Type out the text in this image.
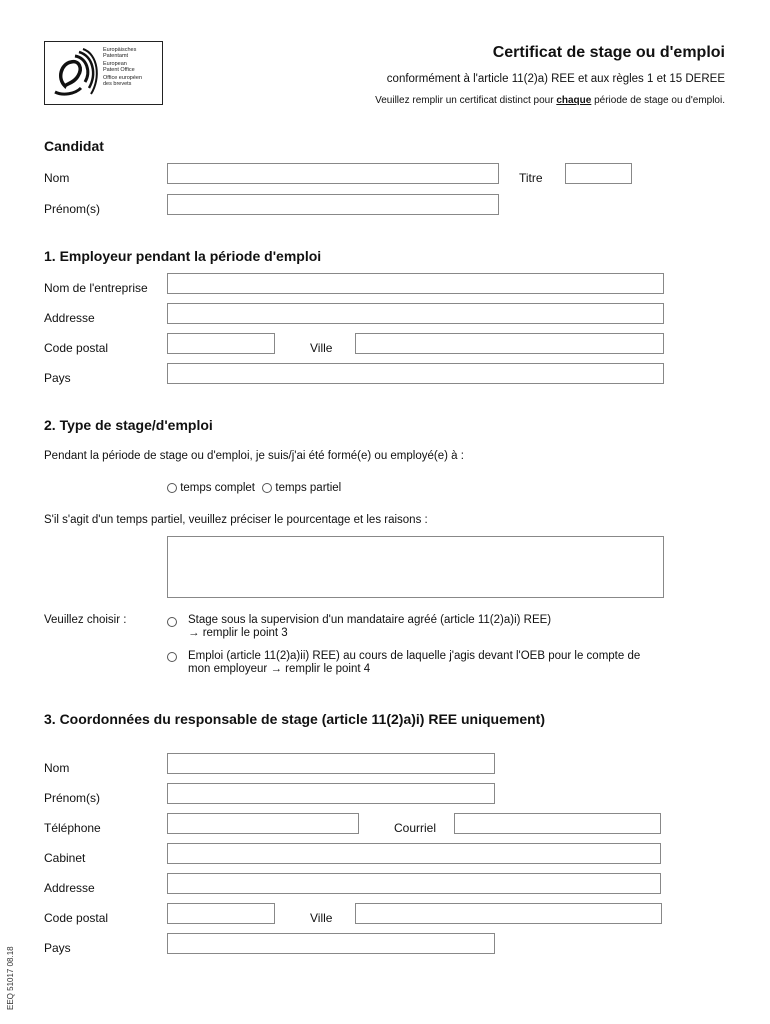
Europäisches
Patentamt
European
Patent Office
Office européen
des brevets
Certificat de stage ou d'emploi
conformément à l'article 11(2)a) REE et aux règles 1 et 15 DEREE
Veuillez remplir un certificat distinct pour chaque période de stage ou d'emploi.
Candidat
Nom	Titre
Prénom(s)
1. Employeur pendant la période d'emploi
Nom de l'entreprise
Addresse
Code postal	Ville
Pays
2. Type de stage/d'emploi
Pendant la période de stage ou d'emploi, je suis/j'ai été formé(e) ou employé(e) à :
temps complet temps partiel
S'il s'agit d'un temps partiel, veuillez préciser le pourcentage et les raisons :
Veuillez choisir :	Stage sous la supervision d'un mandataire agréé (article 11(2)a)i) REE)
→ remplir le point 3
Emploi (article 11(2)a)ii) REE) au cours de laquelle j'agis devant l'OEB pour le compte de
mon employeur → remplir le point 4
3. Coordonnées du responsable de stage (article 11(2)a)i) REE uniquement)
Nom
Prénom(s)
Téléphone	Courriel
Cabinet
Addresse
Code postal	Ville
Pays
EEQ 51017 08.18
